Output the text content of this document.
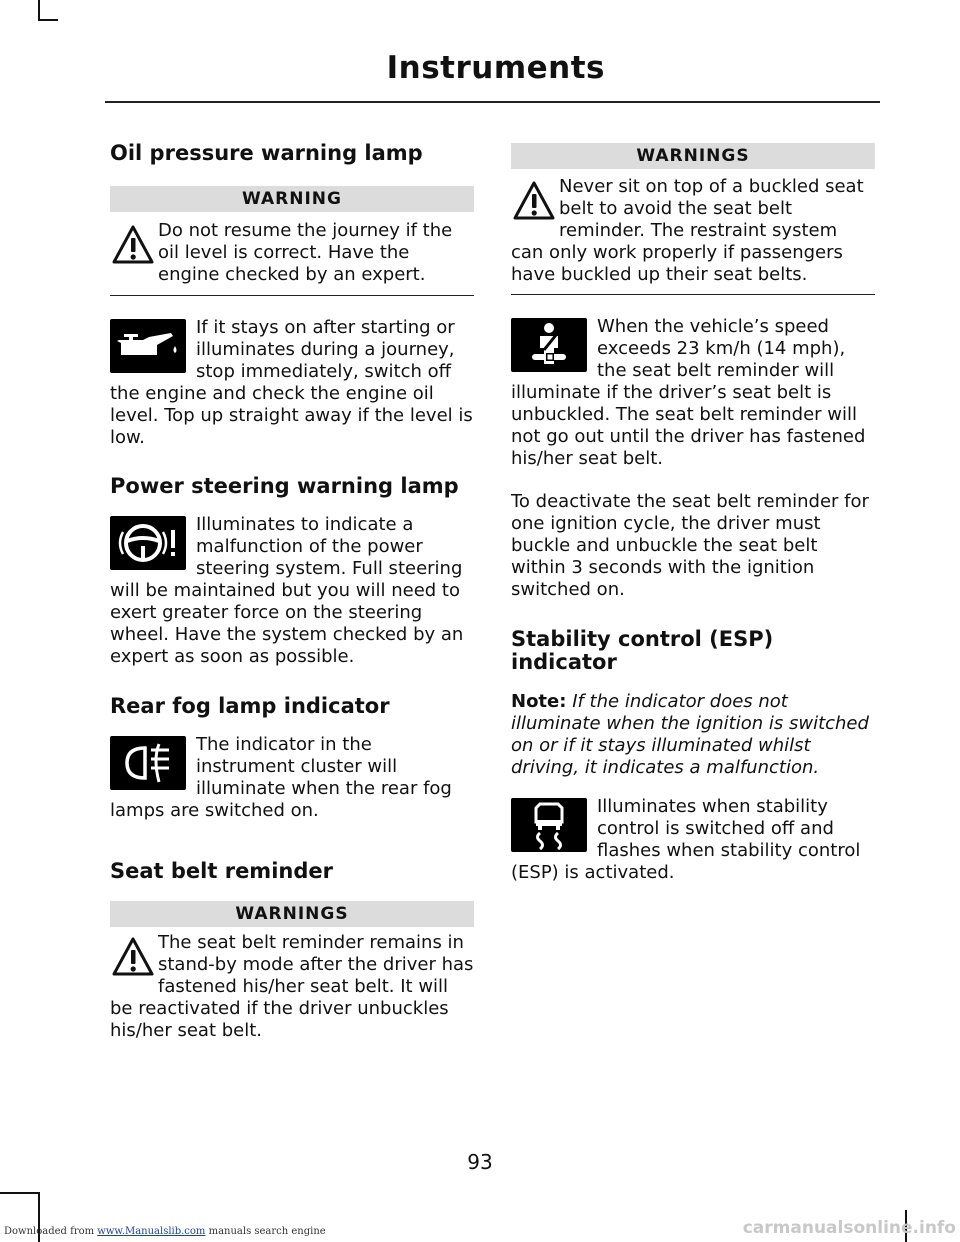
Instruments
Oil pressure warning lamp
WARNING

Do not resume the journey if the oil level is correct. Have the engine checked by an expert.

If it stays on after starting or illuminates during a journey, stop immediately, switch off the engine and check the engine oil level. Top up straight away if the level is low.

Power steering warning lamp

Illuminates to indicate a malfunction of the power steering system. Full steering will be maintained but you will need to exert greater force on the steering wheel. Have the system checked by an expert as soon as possible.

Rear fog lamp indicator

The indicator in the instrument cluster will illuminate when the rear fog lamps are switched on.

Seat belt reminder
WARNINGS

The seat belt reminder remains in stand-by mode after the driver has fastened his/her seat belt. It will be reactivated if the driver unbuckles his/her seat belt.

WARNINGS

Never sit on top of a buckled seat belt to avoid the seat belt reminder. The restraint system can only work properly if passengers have buckled up their seat belts.

When the vehicle’s speed exceeds 23 km/h (14 mph), the seat belt reminder will illuminate if the driver’s seat belt is unbuckled. The seat belt reminder will not go out until the driver has fastened his/her seat belt.

To deactivate the seat belt reminder for one ignition cycle, the driver must buckle and unbuckle the seat belt within 3 seconds with the ignition switched on.

Stability control (ESP) indicator

Note: If the indicator does not illuminate when the ignition is switched on or if it stays illuminated whilst driving, it indicates a malfunction.

Illuminates when stability control is switched off and flashes when stability control (ESP) is activated.

93
Downloaded from www.Manualslib.com manuals search engine	carmanualsonline.info
